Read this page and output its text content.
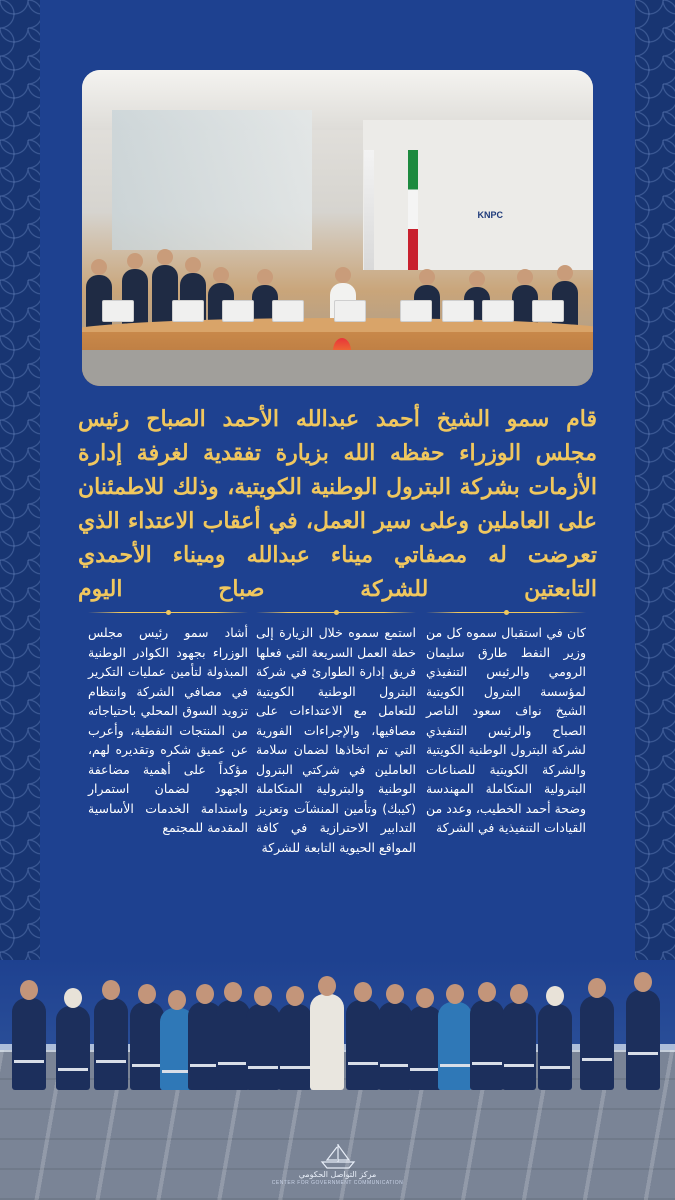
KNPC

قام سمو الشيخ أحمد عبدالله الأحمد الصباح رئيس مجلس الوزراء حفظه الله بزيارة تفقدية لغرفة إدارة الأزمات بشركة البترول الوطنية الكويتية، وذلك للاطمئنان على العاملين وعلى سير العمل، في أعقاب الاعتداء الذي تعرضت له مصفاتي ميناء عبدالله وميناء الأحمدي التابعتين للشركة صباح اليوم

كان في استقبال سموه كل من وزير النفط طارق سليمان الرومي والرئيس التنفيذي لمؤسسة البترول الكويتية الشيخ نواف سعود الناصر الصباح والرئيس التنفيذي لشركة البترول الوطنية الكويتية والشركة الكويتية للصناعات البترولية المتكاملة المهندسة وضحة أحمد الخطيب، وعدد من القيادات التنفيذية في الشركة

استمع سموه خلال الزيارة إلى خطة العمل السريعة التي فعلها فريق إدارة الطوارئ في شركة البترول الوطنية الكويتية للتعامل مع الاعتداءات على مصافيها، والإجراءات الفورية التي تم اتخاذها لضمان سلامة العاملين في شركتي البترول الوطنية والبترولية المتكاملة (كيبك) وتأمين المنشآت وتعزيز التدابير الاحترازية في كافة المواقع الحيوية التابعة للشركة

أشاد سمو رئيس مجلس الوزراء بجهود الكوادر الوطنية المبذولة لتأمين عمليات التكرير في مصافي الشركة وانتظام تزويد السوق المحلي باحتياجاته من المنتجات النفطية، وأعرب عن عميق شكره وتقديره لهم، مؤكداً على أهمية مضاعفة الجهود لضمان استمرار واستدامة الخدمات الأساسية المقدمة للمجتمع

مركز التواصل الحكومي
CENTER FOR GOVERNMENT COMMUNICATION
